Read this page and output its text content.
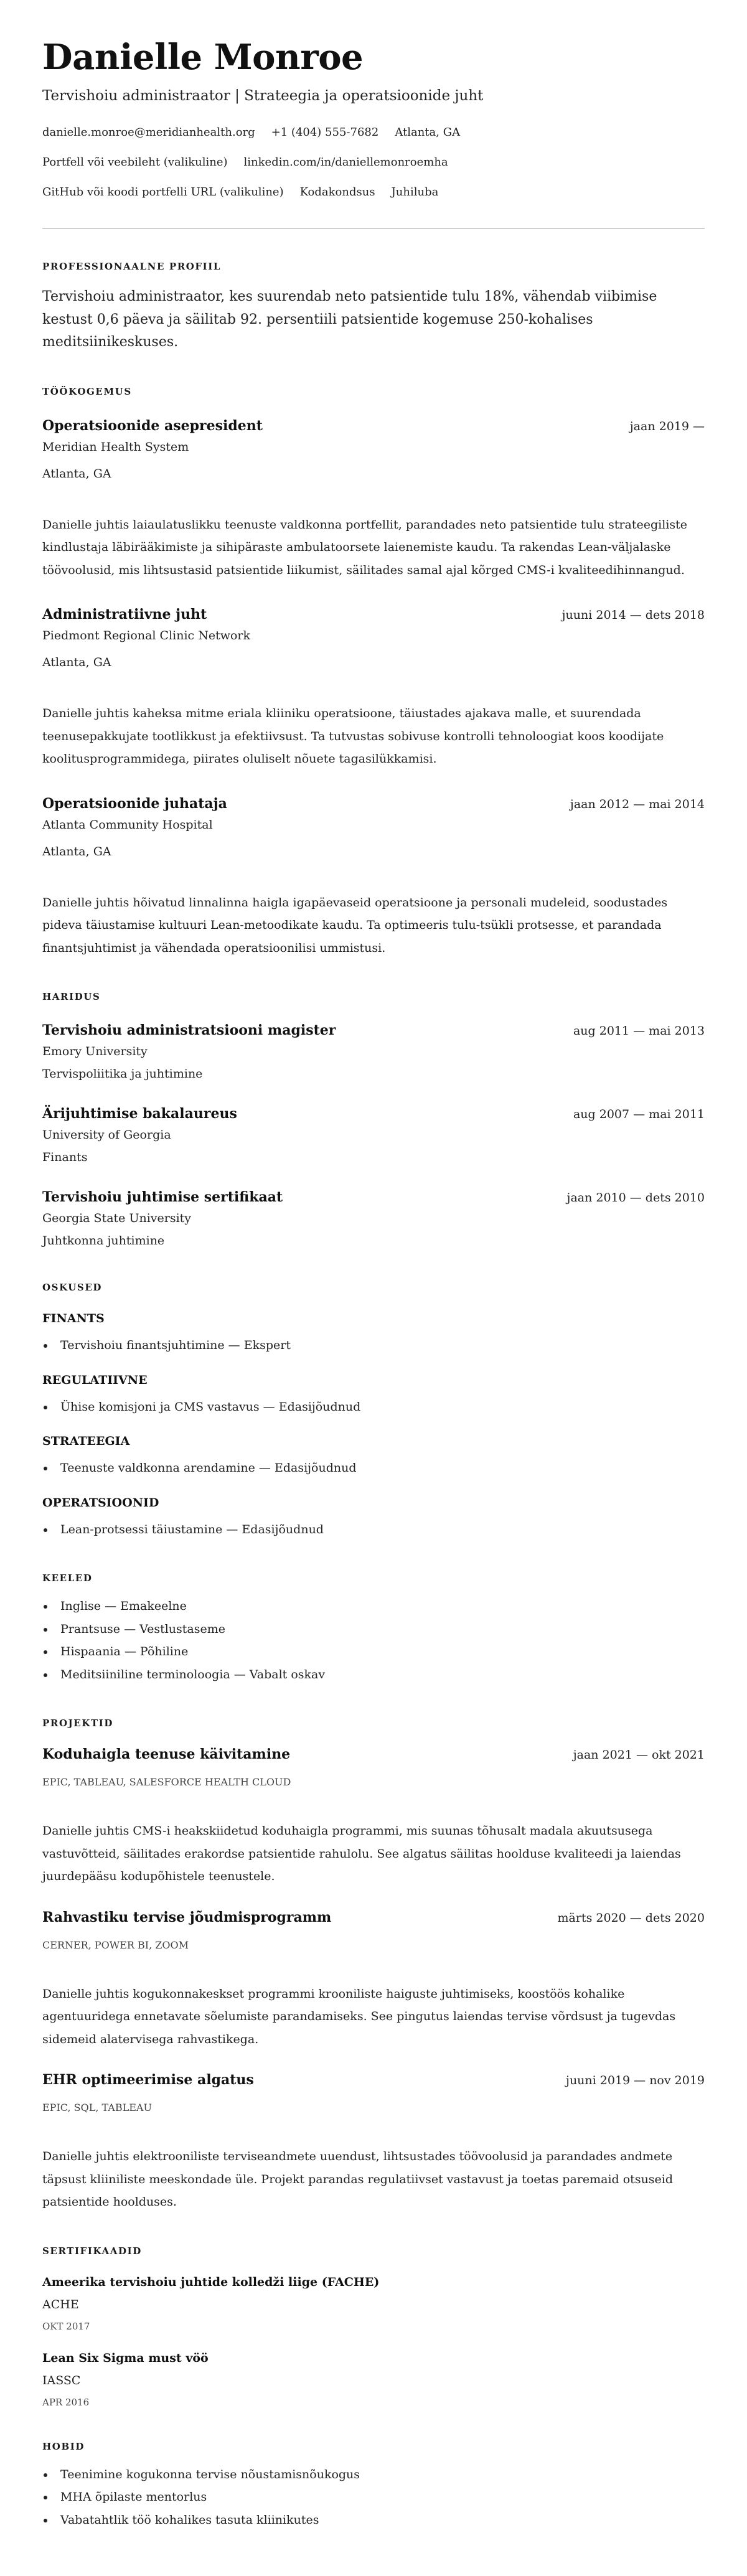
Danielle Monroe
Tervishoiu administraator | Strateegia ja operatsioonide juht
danielle.monroe@meridianhealth.org +1 (404) 555-7682 Atlanta, GA
Portfell või veebileht (valikuline) linkedin.com/in/daniellemonroemha
GitHub või koodi portfelli URL (valikuline) Kodakondsus Juhiluba
PROFESSIONAALNE PROFIIL
Tervishoiu administraator, kes suurendab neto patsientide tulu 18%, vähendab viibimise kestust 0,6 päeva ja säilitab 92. persentiili patsientide kogemuse 250-kohalises meditsiinikeskuses.
TÖÖKOGEMUS
Operatsioonide asepresident	jaan 2019 —
Meridian Health System
Atlanta, GA
Danielle juhtis laiaulatuslikku teenuste valdkonna portfellit, parandades neto patsientide tulu strateegiliste kindlustaja läbirääkimiste ja sihipäraste ambulatoorsete laienemiste kaudu. Ta rakendas Lean-väljalaske töövoolusid, mis lihtsustasid patsientide liikumist, säilitades samal ajal kõrged CMS-i kvaliteedihinnangud.
Administratiivne juht	juuni 2014 — dets 2018
Piedmont Regional Clinic Network
Atlanta, GA
Danielle juhtis kaheksa mitme eriala kliiniku operatsioone, täiustades ajakava malle, et suurendada teenusepakkujate tootlikkust ja efektiivsust. Ta tutvustas sobivuse kontrolli tehnoloogiat koos koodijate koolitusprogrammidega, piirates oluliselt nõuete tagasilükkamisi.
Operatsioonide juhataja	jaan 2012 — mai 2014
Atlanta Community Hospital
Atlanta, GA
Danielle juhtis hõivatud linnalinna haigla igapäevaseid operatsioone ja personali mudeleid, soodustades pideva täiustamise kultuuri Lean-metoodikate kaudu. Ta optimeeris tulu-tsükli protsesse, et parandada finantsjuhtimist ja vähendada operatsioonilisi ummistusi.
HARIDUS
Tervishoiu administratsiooni magister	aug 2011 — mai 2013
Emory University
Tervispoliitika ja juhtimine
Ärijuhtimise bakalaureus	aug 2007 — mai 2011
University of Georgia
Finants
Tervishoiu juhtimise sertifikaat	jaan 2010 — dets 2010
Georgia State University
Juhtkonna juhtimine
OSKUSED
FINANTS
Tervishoiu finantsjuhtimine — Ekspert
REGULATIIVNE
Ühise komisjoni ja CMS vastavus — Edasijõudnud
STRATEEGIA
Teenuste valdkonna arendamine — Edasijõudnud
OPERATSIOONID
Lean-protsessi täiustamine — Edasijõudnud
KEELED
Inglise — Emakeelne
Prantsuse — Vestlustaseme
Hispaania — Põhiline
Meditsiiniline terminoloogia — Vabalt oskav
PROJEKTID
Koduhaigla teenuse käivitamine	jaan 2021 — okt 2021
EPIC, TABLEAU, SALESFORCE HEALTH CLOUD
Danielle juhtis CMS-i heakskiidetud koduhaigla programmi, mis suunas tõhusalt madala akuutsusega vastuvõtteid, säilitades erakordse patsientide rahulolu. See algatus säilitas hoolduse kvaliteedi ja laiendas juurdepääsu kodupõhistele teenustele.
Rahvastiku tervise jõudmisprogramm	märts 2020 — dets 2020
CERNER, POWER BI, ZOOM
Danielle juhtis kogukonnakeskset programmi krooniliste haiguste juhtimiseks, koostöös kohalike agentuuridega ennetavate sõelumiste parandamiseks. See pingutus laiendas tervise võrdsust ja tugevdas sidemeid alatervisega rahvastikega.
EHR optimeerimise algatus	juuni 2019 — nov 2019
EPIC, SQL, TABLEAU
Danielle juhtis elektrooniliste terviseandmete uuendust, lihtsustades töövoolusid ja parandades andmete täpsust kliiniliste meeskondade üle. Projekt parandas regulatiivset vastavust ja toetas paremaid otsuseid patsientide hoolduses.
SERTIFIKAADID
Ameerika tervishoiu juhtide kolledži liige (FACHE)
ACHE
OKT 2017
Lean Six Sigma must vöö
IASSC
APR 2016
HOBID
Teenimine kogukonna tervise nõustamisnõukogus
MHA õpilaste mentorlus
Vabatahtlik töö kohalikes tasuta kliinikutes
